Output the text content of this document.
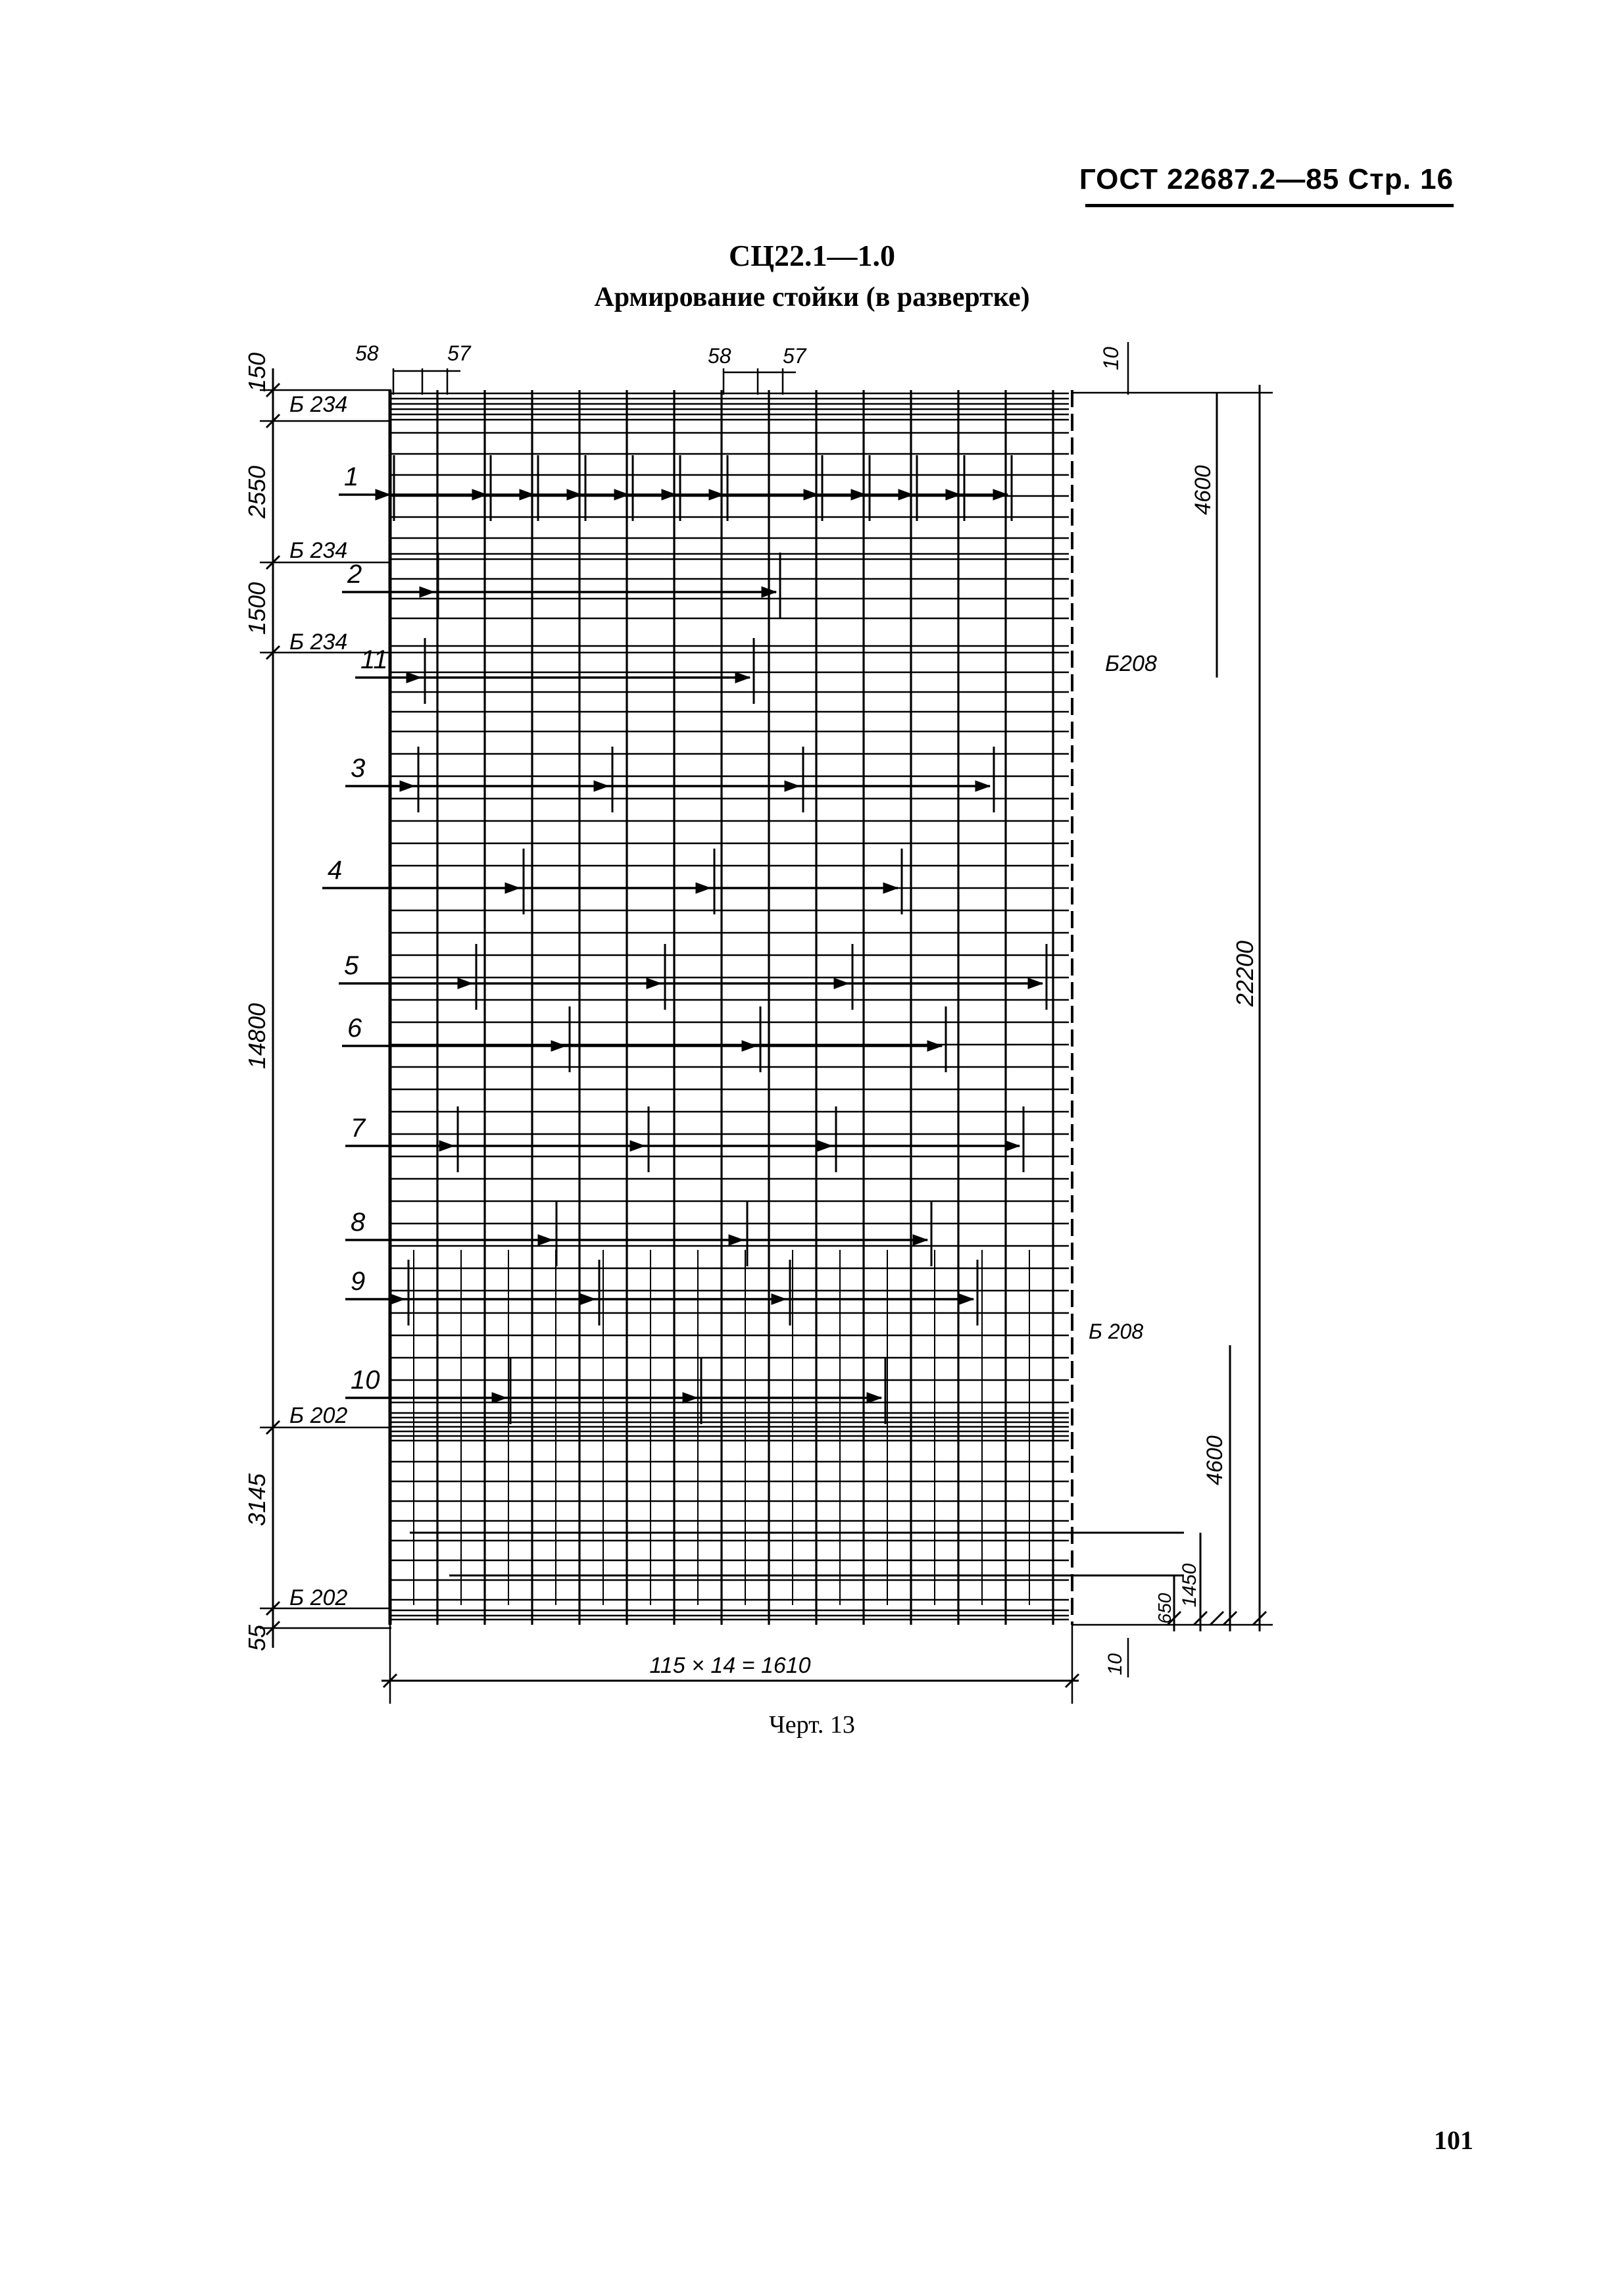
ГОСТ 22687.2—85 Стр. 16
СЦ22.1—1.0
Армирование стойки (в развертке)
1
2
11
3
4
5
6
7
8
9
10
150
2550
1500
14800
3145
55
Б 234
Б 234
Б 234
Б 202
Б 202
58	57	58 57	10
4600
22200
Б208
4600
Б 208
1450
650
115 × 14 = 1610	10
Черт. 13
101
